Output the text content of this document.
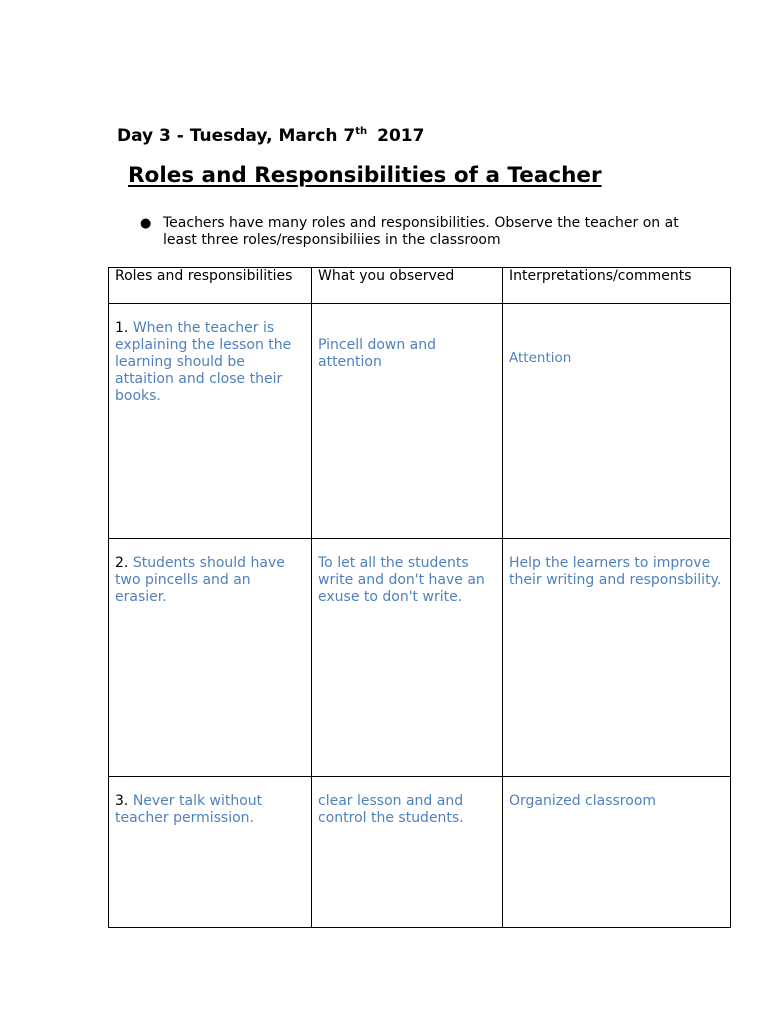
Day 3 - Tuesday, March 7th 2017
Roles and Responsibilities of a Teacher
● Teachers have many roles and responsibilities. Observe the teacher on at least three roles/responsibiliies in the classroom
Roles and responsibilities	What you observed	Interpretations/comments
1. When the teacher is explaining the lesson the learning should be attaition and close their books.	Pincell down and attention	Attention
2. Students should have two pincells and an erasier.	To let all the students write and don't have an exuse to don't write.	Help the learners to improve their writing and responsbility.
3. Never talk without teacher permission.	clear lesson and and control the students.	Organized classroom
